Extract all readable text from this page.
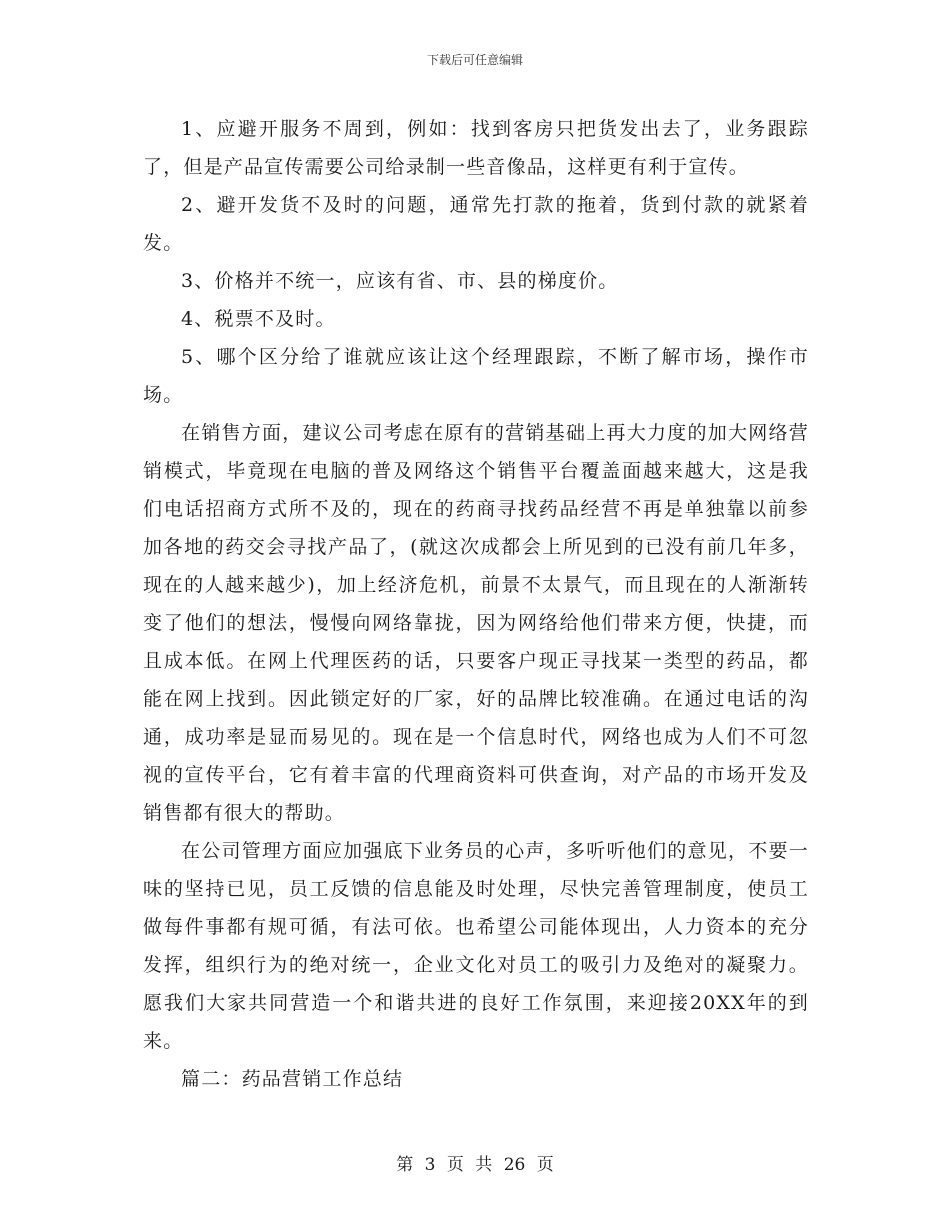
下载后可任意编辑

1、应避开服务不周到，例如：找到客房只把货发出去了，业务跟踪了，但是产品宣传需要公司给录制一些音像品，这样更有利于宣传。

2、避开发货不及时的问题，通常先打款的拖着，货到付款的就紧着发。

3、价格并不统一，应该有省、市、县的梯度价。

4、税票不及时。

5、哪个区分给了谁就应该让这个经理跟踪，不断了解市场，操作市场。

在销售方面，建议公司考虑在原有的营销基础上再大力度的加大网络营销模式，毕竟现在电脑的普及网络这个销售平台覆盖面越来越大，这是我们电话招商方式所不及的，现在的药商寻找药品经营不再是单独靠以前参加各地的药交会寻找产品了，(就这次成都会上所见到的已没有前几年多，现在的人越来越少)，加上经济危机，前景不太景气，而且现在的人渐渐转变了他们的想法，慢慢向网络靠拢，因为网络给他们带来方便，快捷，而且成本低。在网上代理医药的话，只要客户现正寻找某一类型的药品，都能在网上找到。因此锁定好的厂家，好的品牌比较准确。在通过电话的沟通，成功率是显而易见的。现在是一个信息时代，网络也成为人们不可忽视的宣传平台，它有着丰富的代理商资料可供查询，对产品的市场开发及销售都有很大的帮助。

在公司管理方面应加强底下业务员的心声，多听听他们的意见，不要一味的坚持已见，员工反馈的信息能及时处理，尽快完善管理制度，使员工做每件事都有规可循，有法可依。也希望公司能体现出，人力资本的充分发挥，组织行为的绝对统一，企业文化对员工的吸引力及绝对的凝聚力。愿我们大家共同营造一个和谐共进的良好工作氛围，来迎接20XX年的到来。

篇二：药品营销工作总结

第 3 页 共 26 页
